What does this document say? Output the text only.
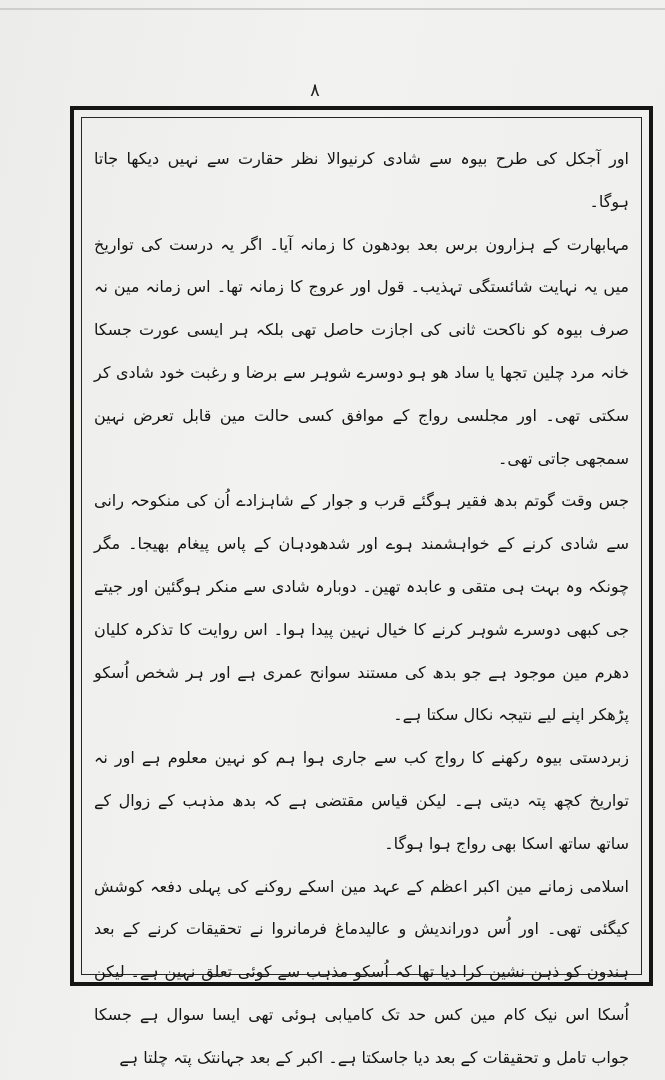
۸

اور آجکل کی طرح بیوہ سے شادی کرنیوالا نظر حقارت سے نہیں دیکھا جاتا ہوگا۔

مہابھارت کے ہزارون برس بعد بودھون کا زمانہ آیا۔ اگر یہ درست کی تواریخ میں یہ نہایت شائستگی تہذیب۔ قول اور عروج کا زمانہ تھا۔ اس زمانہ مین نہ صرف بیوہ کو ناکحت ثانی کی اجازت حاصل تھی بلکہ ہر ایسی عورت جسکا خانہ مرد چلین تجھا یا ساد ھو ہو دوسرے شوہر سے برضا و رغبت خود شادی کر سکتی تھی۔ اور مجلسی رواج کے موافق کسی حالت مین قابل تعرض نہین سمجھی جاتی تھی۔

جس وقت گوتم بدھ فقیر ہوگئے قرب و جوار کے شاہزادے اُن کی منکوحہ رانی سے شادی کرنے کے خواہشمند ہوے اور شدھودہان کے پاس پیغام بھیجا۔ مگر چونکہ وہ بہت ہی متقی و عابدہ تھین۔ دوبارہ شادی سے منکر ہوگئین اور جیتے جی کبھی دوسرے شوہر کرنے کا خیال نہین پیدا ہوا۔ اس روایت کا تذکرہ کلیان دھرم مین موجود ہے جو بدھ کی مستند سوانح عمری ہے اور ہر شخص اُسکو پڑھکر اپنے لیے نتیجہ نکال سکتا ہے۔

زبردستی بیوہ رکھنے کا رواج کب سے جاری ہوا ہم کو نہین معلوم ہے اور نہ تواریخ کچھ پتہ دیتی ہے۔ لیکن قیاس مقتضی ہے کہ بدھ مذہب کے زوال کے ساتھ ساتھ اسکا بھی رواج ہوا ہوگا۔

اسلامی زمانے مین اکبر اعظم کے عہد مین اسکے روکنے کی پہلی دفعہ کوشش کیگئی تھی۔ اور اُس دوراندیش و عالیدماغ فرمانروا نے تحقیقات کرنے کے بعد ہندون کو ذہن نشین کرا دیا تھا کہ اُسکو مذہب سے کوئی تعلق نہین ہے۔ لیکن اُسکا اس نیک کام مین کس حد تک کامیابی ہوئی تھی ایسا سوال ہے جسکا جواب تامل و تحقیقات کے بعد دیا جاسکتا ہے۔ اکبر کے بعد جہانتک پتہ چلتا ہے
